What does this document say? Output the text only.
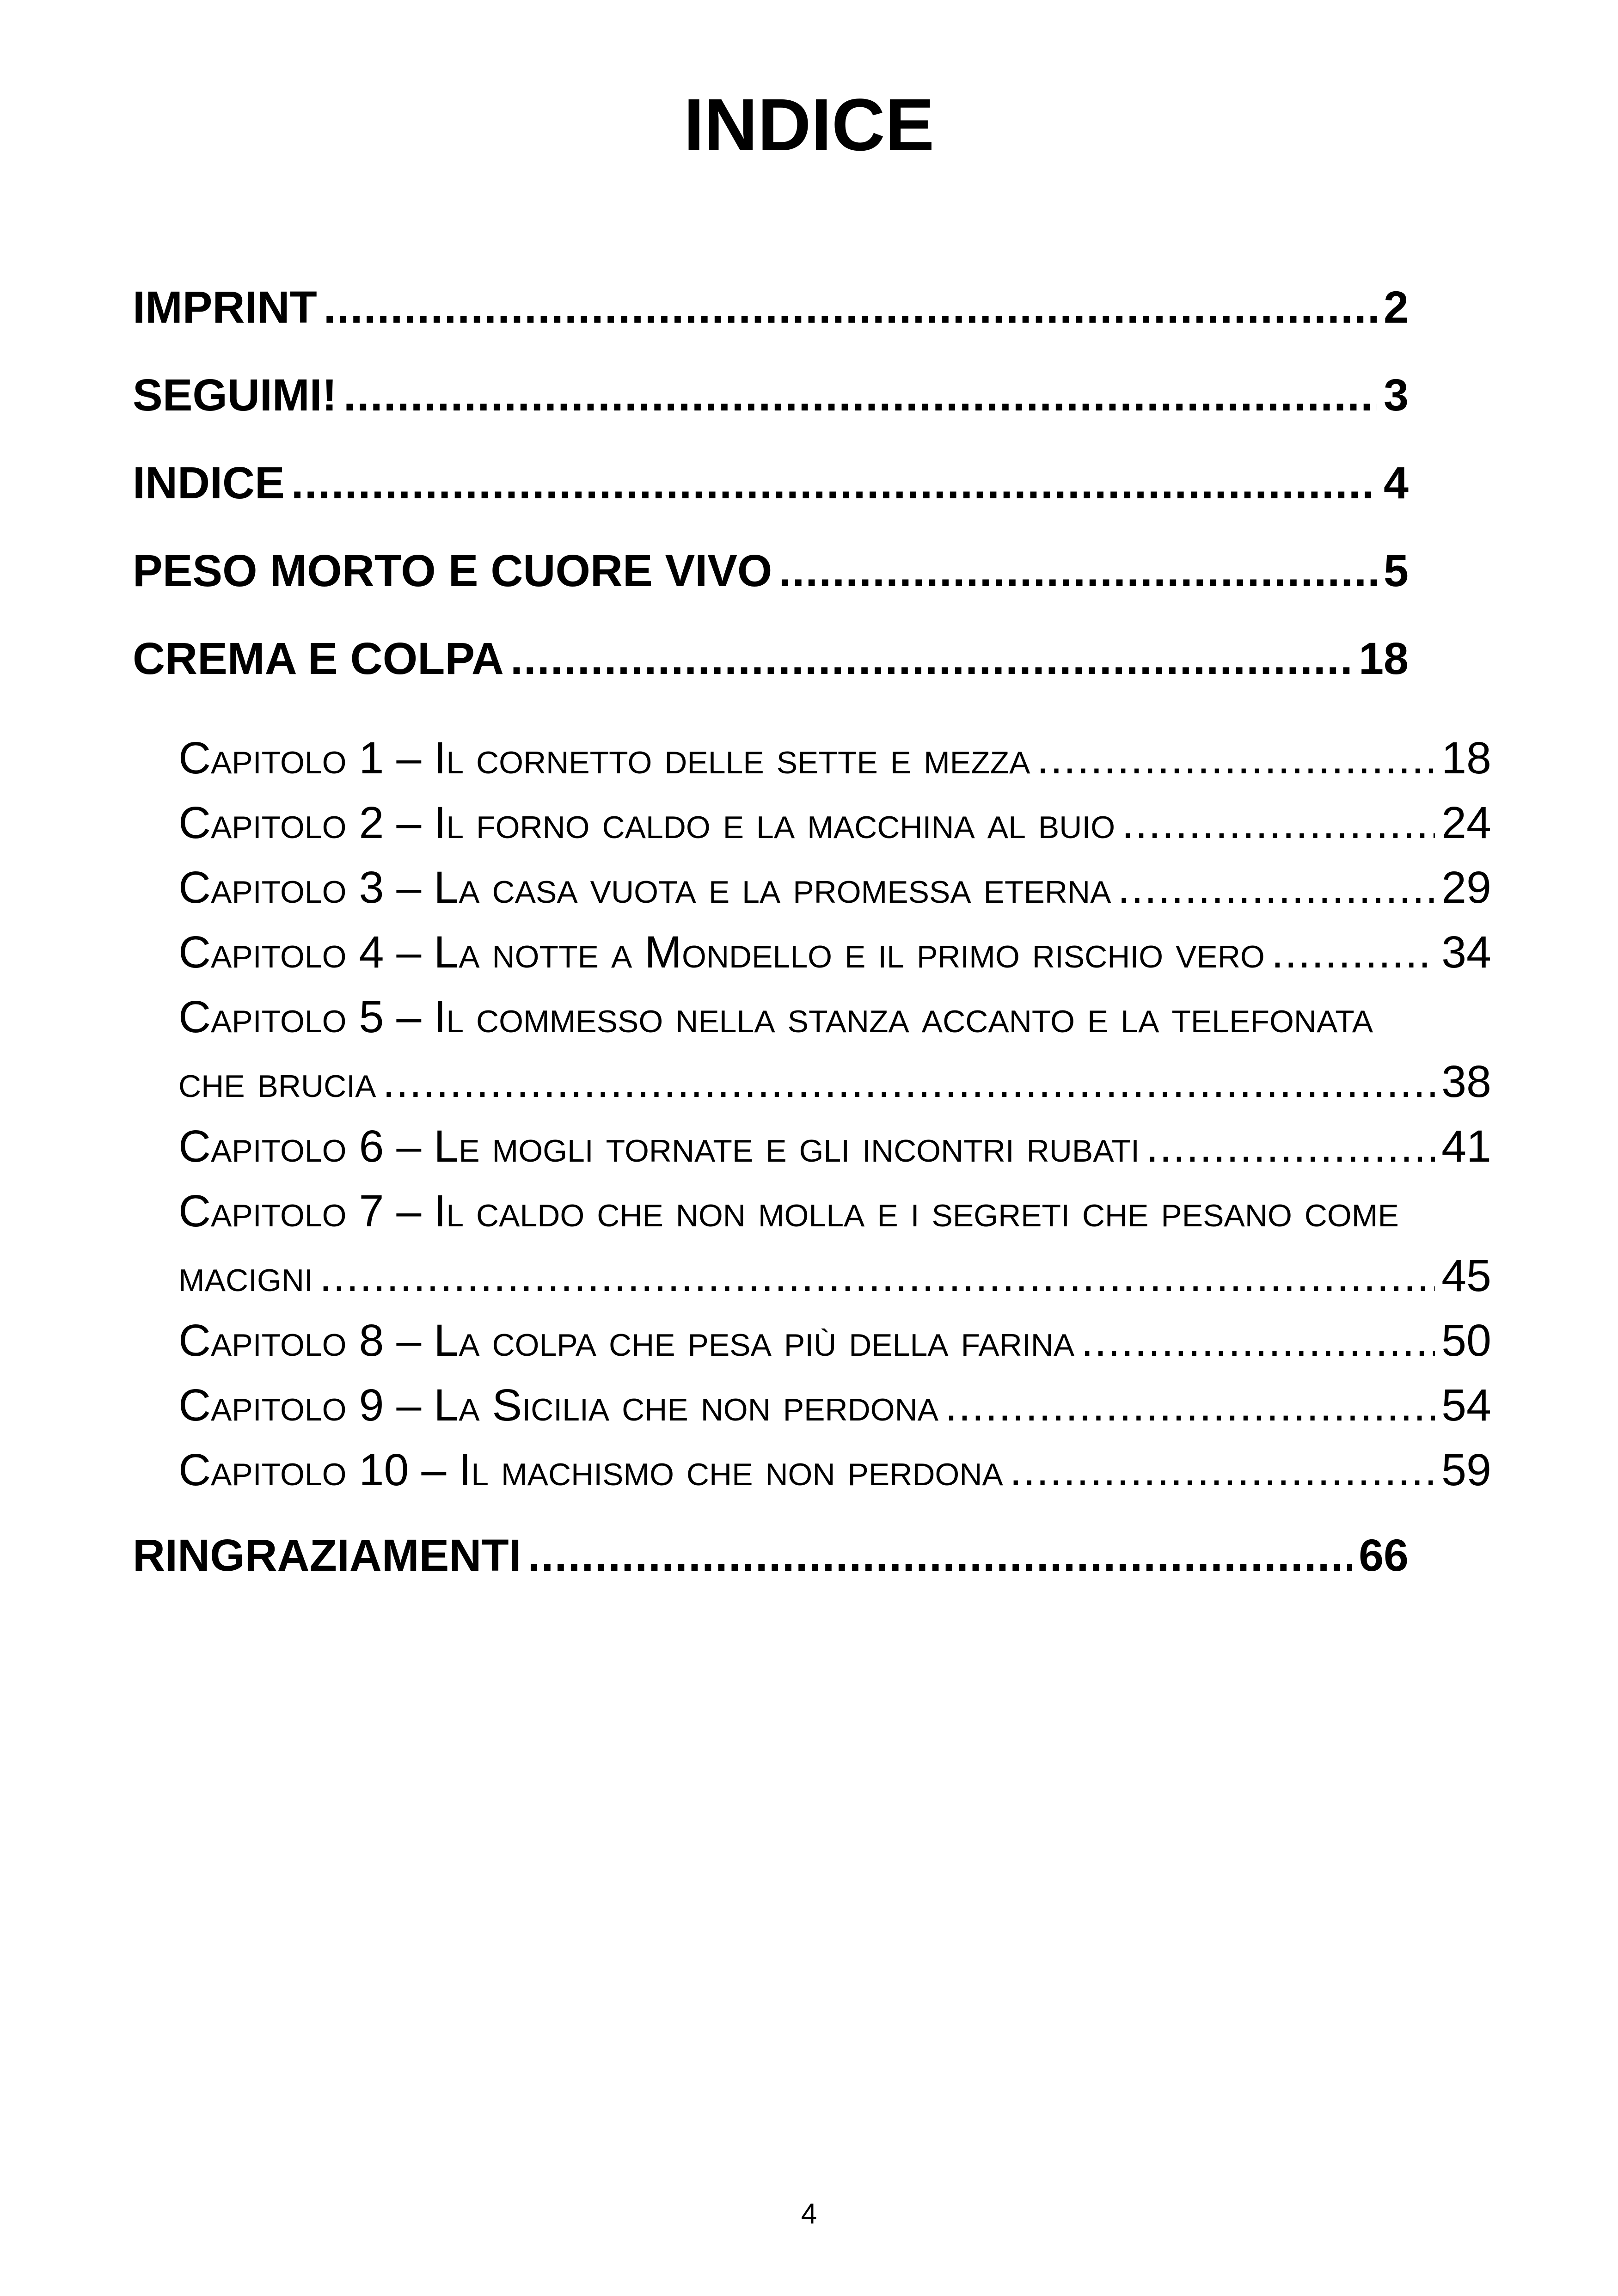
INDICE
IMPRINT .....	2
SEGUIMI! .....	3
INDICE .....	4
PESO MORTO E CUORE VIVO .....	5
CREMA E COLPA .....	18
Capitolo 1 – Il cornetto delle sette e mezza .....	18
Capitolo 2 – Il forno caldo e la macchina al buio .....	24
Capitolo 3 – La casa vuota e la promessa eterna .....	29
Capitolo 4 – La notte a Mondello e il primo rischio vero .....	34
Capitolo 5 – Il commesso nella stanza accanto e la telefonata
che brucia .....	38
Capitolo 6 – Le mogli tornate e gli incontri rubati .....	41
Capitolo 7 – Il caldo che non molla e i segreti che pesano come
macigni .....	45
Capitolo 8 – La colpa che pesa più della farina .....	50
Capitolo 9 – La Sicilia che non perdona .....	54
Capitolo 10 – Il machismo che non perdona .....	59
RINGRAZIAMENTI .....	66
4
